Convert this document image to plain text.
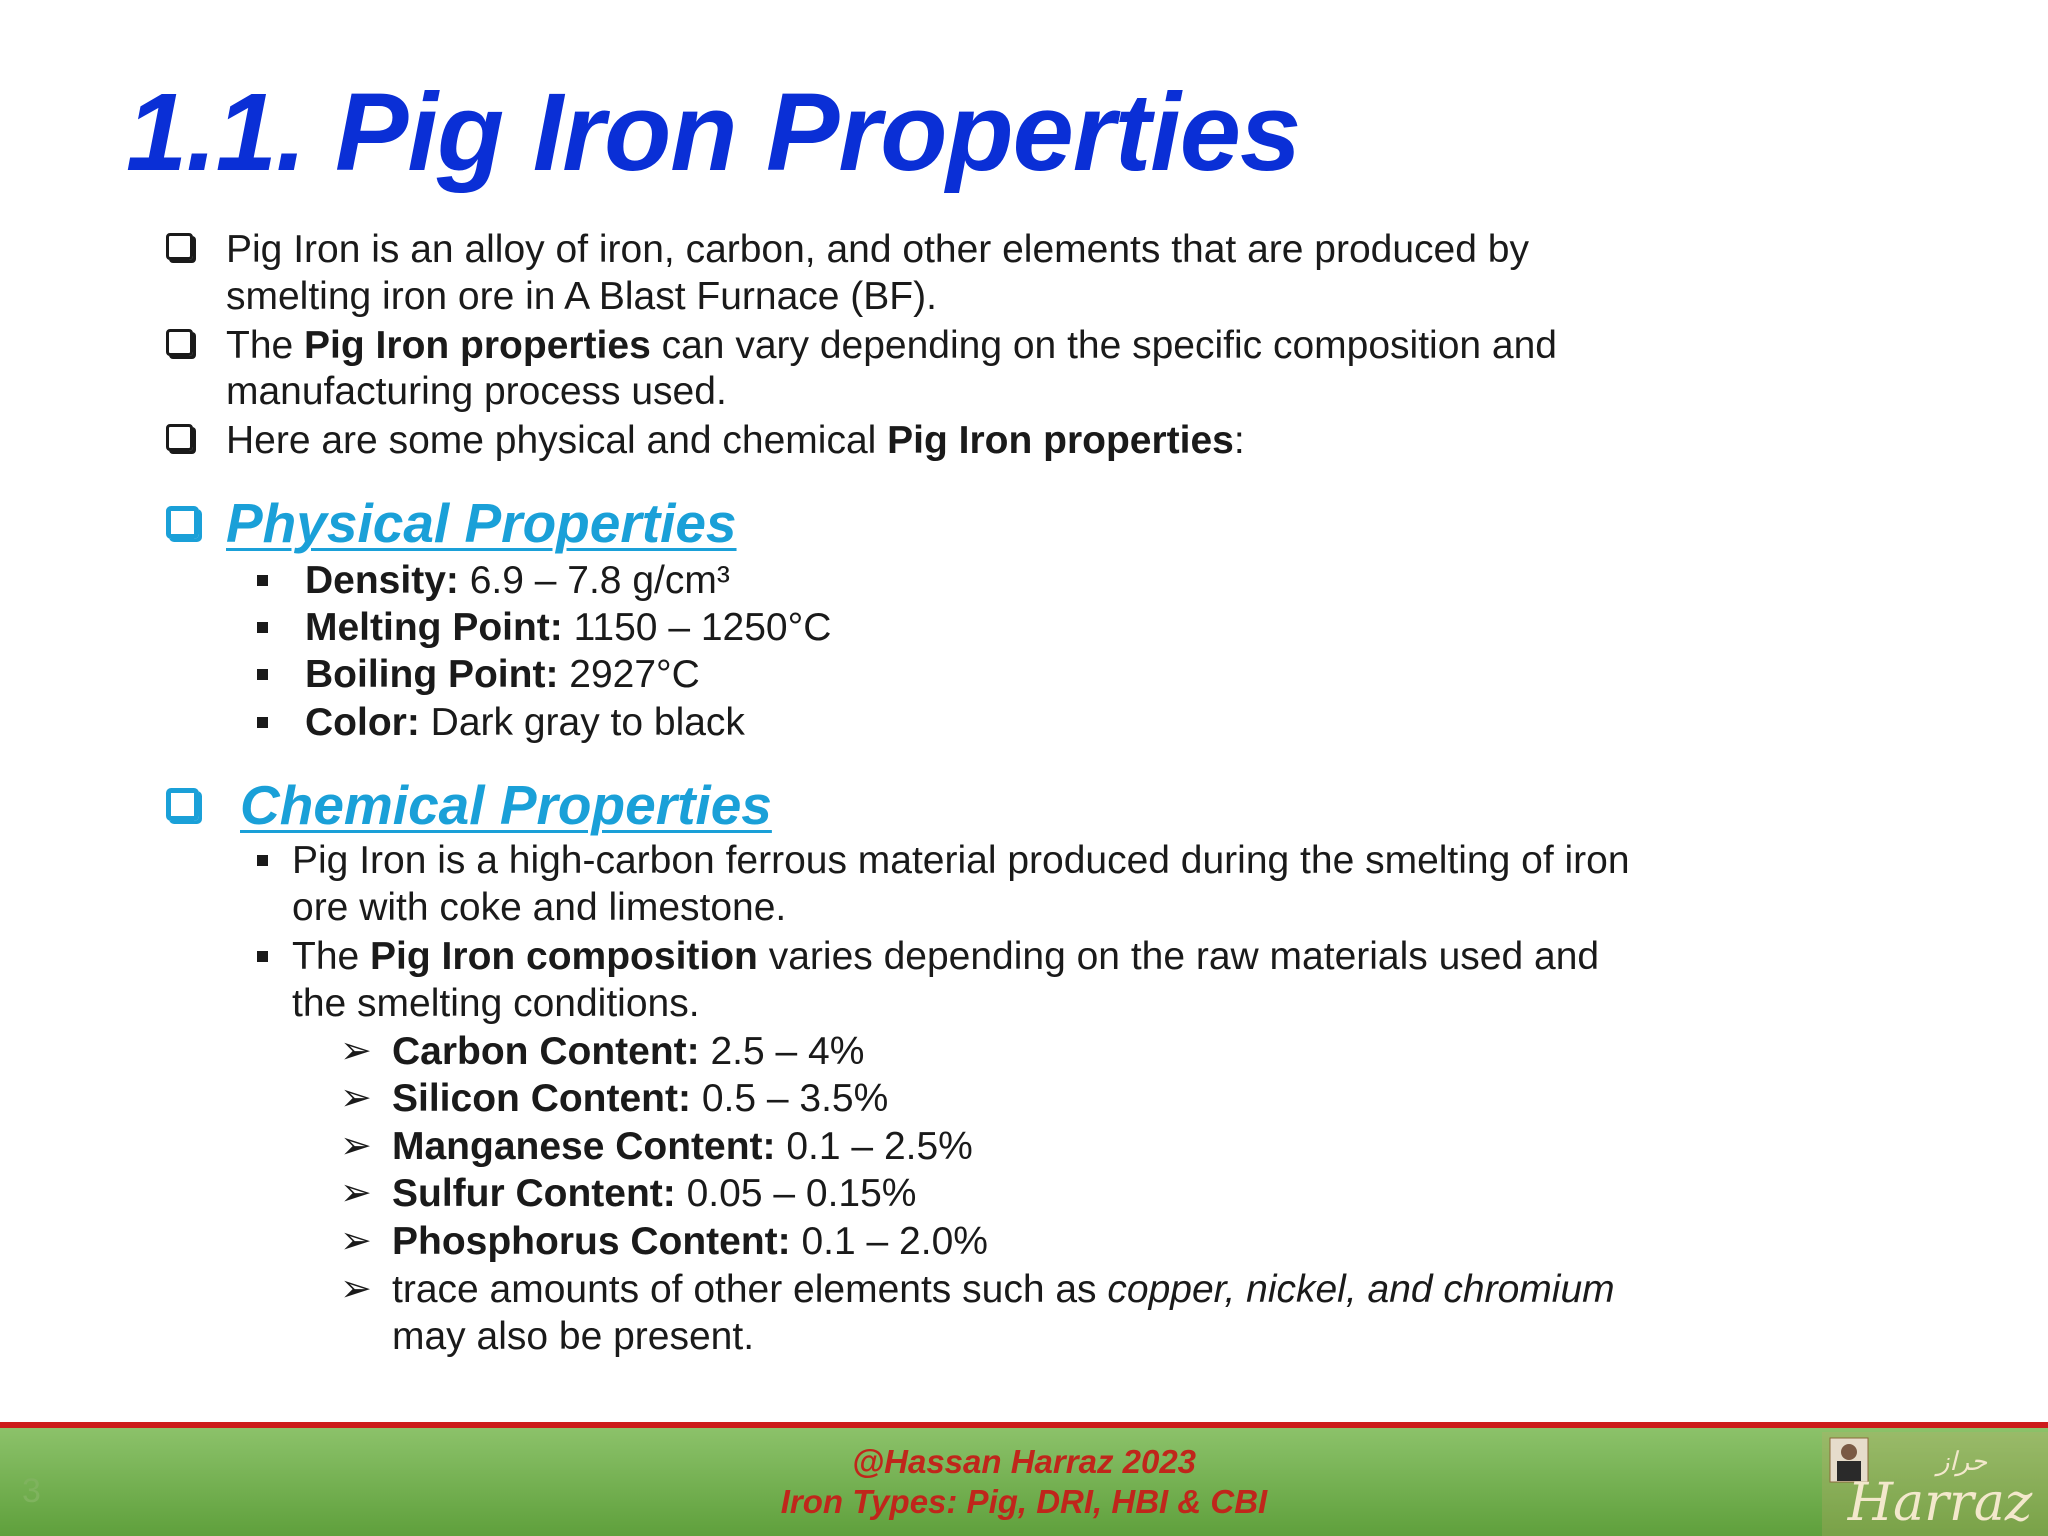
1.1. Pig Iron Properties
Pig Iron is an alloy of iron, carbon, and other elements that are produced by
smelting iron ore in A Blast Furnace (BF).
The Pig Iron properties can vary depending on the specific composition and
manufacturing process used.
Here are some physical and chemical Pig Iron properties:
Physical Properties
Density: 6.9 – 7.8 g/cm³
Melting Point: 1150 – 1250°C
Boiling Point: 2927°C
Color: Dark gray to black
Chemical Properties
Pig Iron is a high-carbon ferrous material produced during the smelting of iron
ore with coke and limestone.
The Pig Iron composition varies depending on the raw materials used and
the smelting conditions.
➢ Carbon Content: 2.5 – 4%
➢ Silicon Content: 0.5 – 3.5%
➢ Manganese Content: 0.1 – 2.5%
➢ Sulfur Content: 0.05 – 0.15%
➢ Phosphorus Content: 0.1 – 2.0%
➢ trace amounts of other elements such as copper, nickel, and chromium
may also be present.
3
@Hassan Harraz 2023
Iron Types: Pig, DRI, HBI & CBI
حراز
Harraz
